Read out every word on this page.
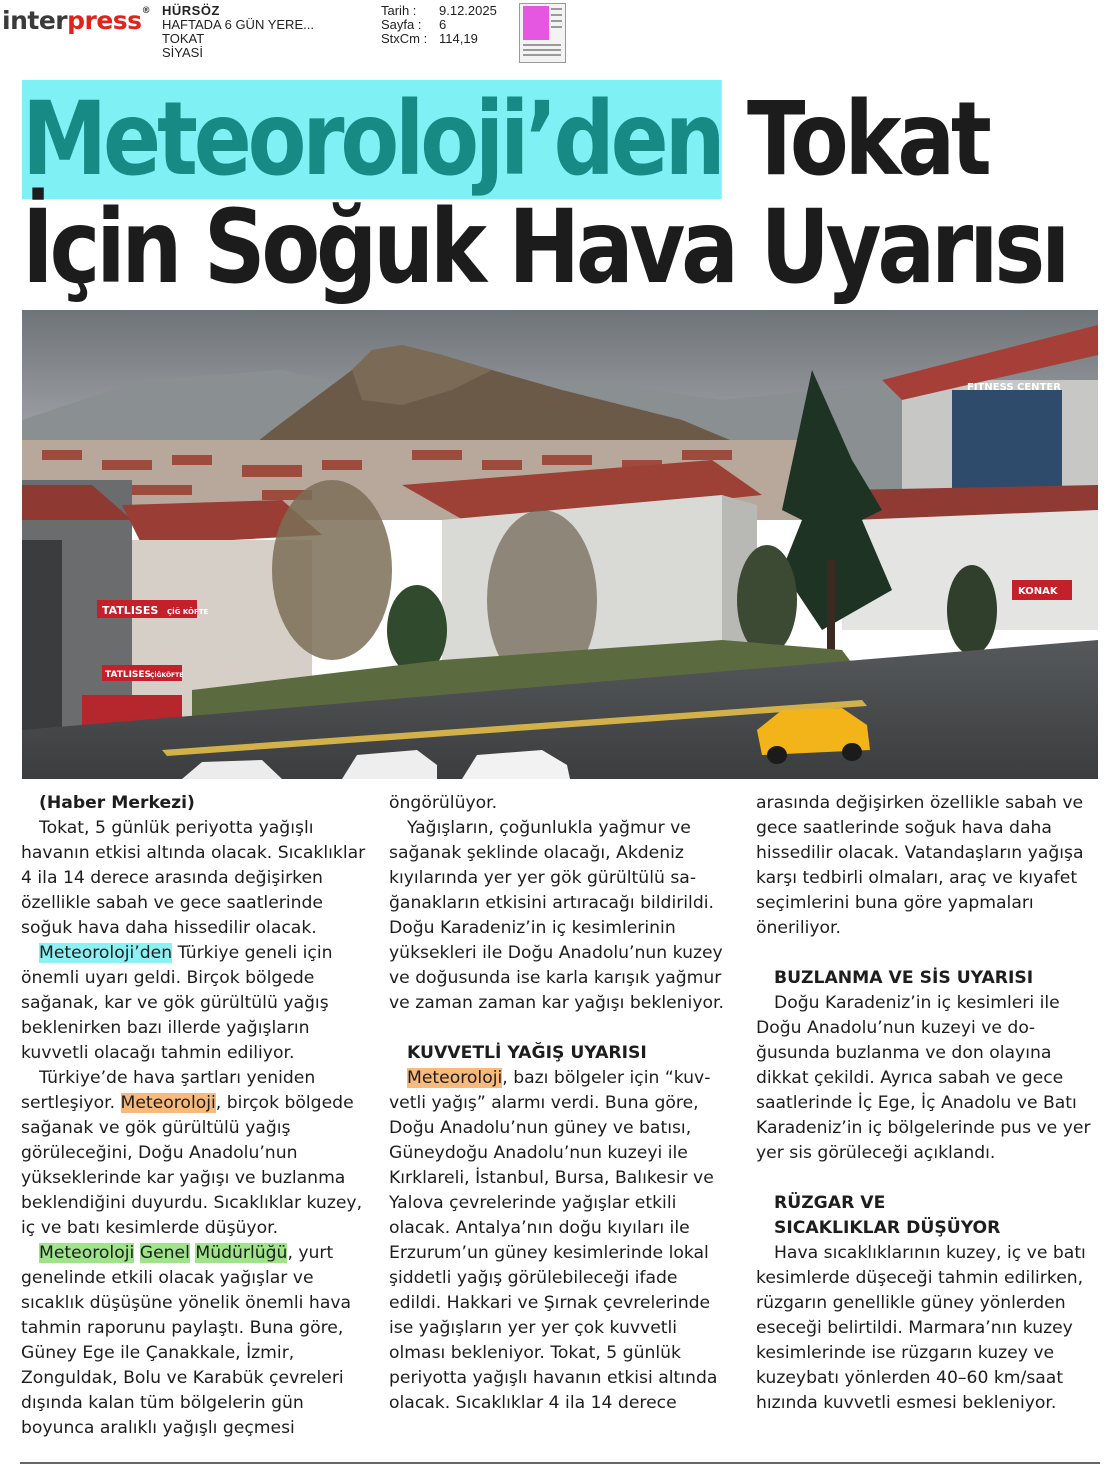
interpress® HÜRSÖZ
HAFTADA 6 GÜN YERE...
TOKAT
SİYASİ
Tarih :	9.12.2025
Sayfa :	6
StxCm : 114,19
Meteoroloji’den Tokat
İçin Soğuk Hava Uyarısı
TATLISES ÇİĞ KÖFTE
TATLISES
ÇİĞKÖFTE
FITNESS CENTER
KONAK

(Haber Merkezi)

Tokat, 5 günlük periyotta yağışlı havanın etkisi altında olacak. Sıcaklıklar 4 ila 14 derece arasında değişirken özellikle sabah ve gece saatlerinde soğuk hava daha hissedilir olacak.

Meteoroloji’den Türkiye geneli için önemli uyarı geldi. Birçok bölgede sağanak, kar ve gök gürültülü yağış beklenirken bazı illerde yağışların kuvvetli olacağı tahmin ediliyor.

Türkiye’de hava şartları yeniden sertleşiyor. Meteoroloji, birçok bölgede sağanak ve gök gürültülü yağış görüleceğini, Doğu Anadolu’nun yükseklerinde kar yağışı ve buzlanma beklendiğini duyurdu. Sıcaklıklar kuzey, iç ve batı kesimlerde düşüyor.

Meteoroloji Genel Müdürlüğü, yurt genelinde etkili olacak yağışlar ve sıcaklık düşüşüne yönelik önemli hava tahmin raporunu paylaştı. Buna göre, Güney Ege ile Çanakkale, İzmir, Zonguldak, Bolu ve Karabük çevreleri dışında kalan tüm bölgelerin gün boyunca aralıklı yağışlı geçmesi

öngörülüyor.

Yağışların, çoğunlukla yağmur ve sağanak şeklinde olacağı, Akdeniz kıyılarında yer yer gök gürültülü sağanakların etkisini artıracağı bildirildi. Doğu Karadeniz’in iç kesimlerinin yüksekleri ile Doğu Anadolu’nun kuzey ve doğusunda ise karla karışık yağmur ve zaman zaman kar yağışı bekleniyor.

KUVVETLİ YAĞIŞ UYARISI

Meteoroloji, bazı bölgeler için “kuvvetli yağış” alarmı verdi. Buna göre, Doğu Anadolu’nun güney ve batısı, Güneydoğu Anadolu’nun kuzeyi ile Kırklareli, İstanbul, Bursa, Balıkesir ve Yalova çevrelerinde yağışlar etkili olacak. Antalya’nın doğu kıyıları ile Erzurum’un güney kesimlerinde lokal şiddetli yağış görülebileceği ifade edildi. Hakkari ve Şırnak çevrelerinde ise yağışların yer yer çok kuvvetli olması bekleniyor. Tokat, 5 günlük periyotta yağışlı havanın etkisi altında olacak. Sıcaklıklar 4 ila 14 derece

arasında değişirken özellikle sabah ve gece saatlerinde soğuk hava daha hissedilir olacak. Vatandaşların yağışa karşı tedbirli olmaları, araç ve kıyafet seçimlerini buna göre yapmaları öneriliyor.

BUZLANMA VE SİS UYARISI

Doğu Karadeniz’in iç kesimleri ile Doğu Anadolu’nun kuzeyi ve doğusunda buzlanma ve don olayına dikkat çekildi. Ayrıca sabah ve gece saatlerinde İç Ege, İç Anadolu ve Batı Karadeniz’in iç bölgelerinde pus ve yer yer sis görüleceği açıklandı.

RÜZGAR VE

SICAKLIKLAR DÜŞÜYOR

Hava sıcaklıklarının kuzey, iç ve batı kesimlerde düşeceği tahmin edilirken, rüzgarın genellikle güney yönlerden eseceği belirtildi. Marmara’nın kuzey kesimlerinde ise rüzgarın kuzey ve kuzeybatı yönlerden 40–60 km/saat hızında kuvvetli esmesi bekleniyor.
